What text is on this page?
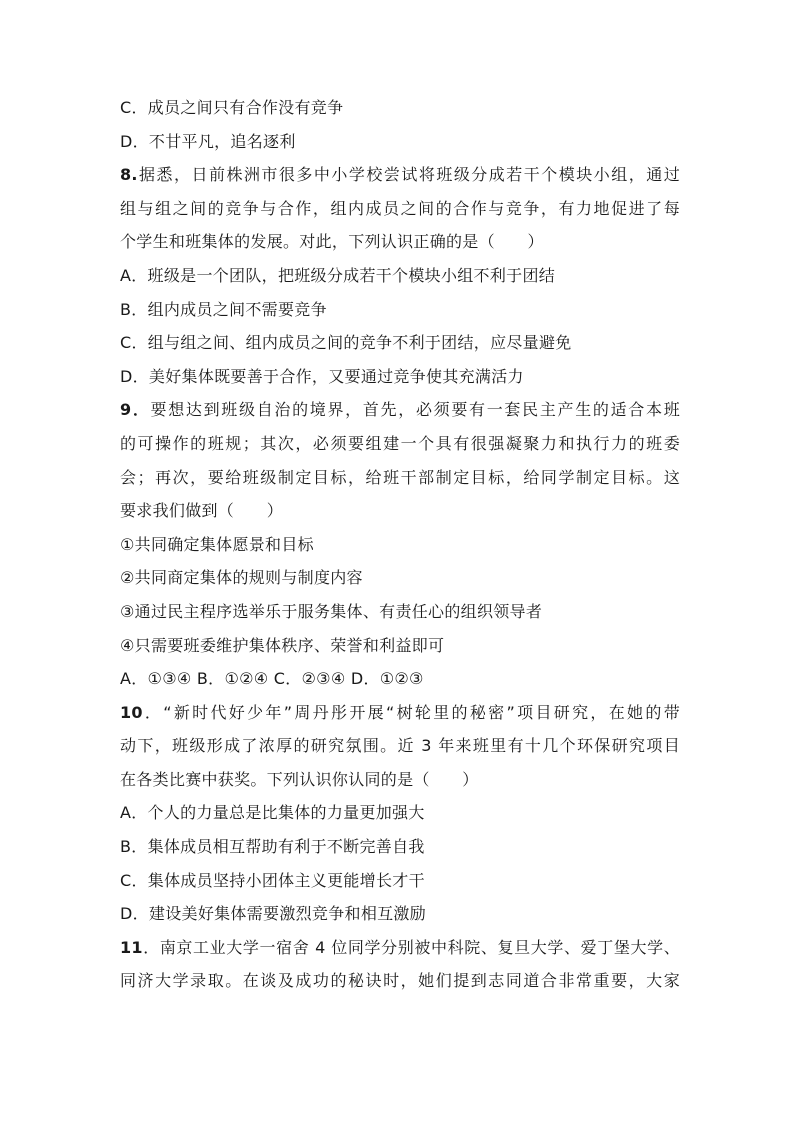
C．成员之间只有合作没有竞争
D．不甘平凡，追名逐利
8.据悉，日前株洲市很多中小学校尝试将班级分成若干个模块小组，通过
组与组之间的竞争与合作，组内成员之间的合作与竞争，有力地促进了每
个学生和班集体的发展。对此，下列认识正确的是（　　）
A．班级是一个团队，把班级分成若干个模块小组不利于团结
B．组内成员之间不需要竞争
C．组与组之间、组内成员之间的竞争不利于团结，应尽量避免
D．美好集体既要善于合作，又要通过竞争使其充满活力
9．要想达到班级自治的境界，首先，必须要有一套民主产生的适合本班
的可操作的班规；其次，必须要组建一个具有很强凝聚力和执行力的班委
会；再次，要给班级制定目标，给班干部制定目标，给同学制定目标。这
要求我们做到（　　）
①共同确定集体愿景和目标
②共同商定集体的规则与制度内容
③通过民主程序选举乐于服务集体、有责任心的组织领导者
④只需要班委维护集体秩序、荣誉和利益即可
A．①③④ B．①②④ C．②③④ D．①②③
10．“新时代好少年”周丹彤开展“树轮里的秘密”项目研究，在她的带
动下，班级形成了浓厚的研究氛围。近 3 年来班里有十几个环保研究项目
在各类比赛中获奖。下列认识你认同的是（　　）
A．个人的力量总是比集体的力量更加强大
B．集体成员相互帮助有利于不断完善自我
C．集体成员坚持小团体主义更能增长才干
D．建设美好集体需要激烈竞争和相互激励
11．南京工业大学一宿舍 4 位同学分别被中科院、复旦大学、爱丁堡大学、
同济大学录取。在谈及成功的秘诀时，她们提到志同道合非常重要，大家
